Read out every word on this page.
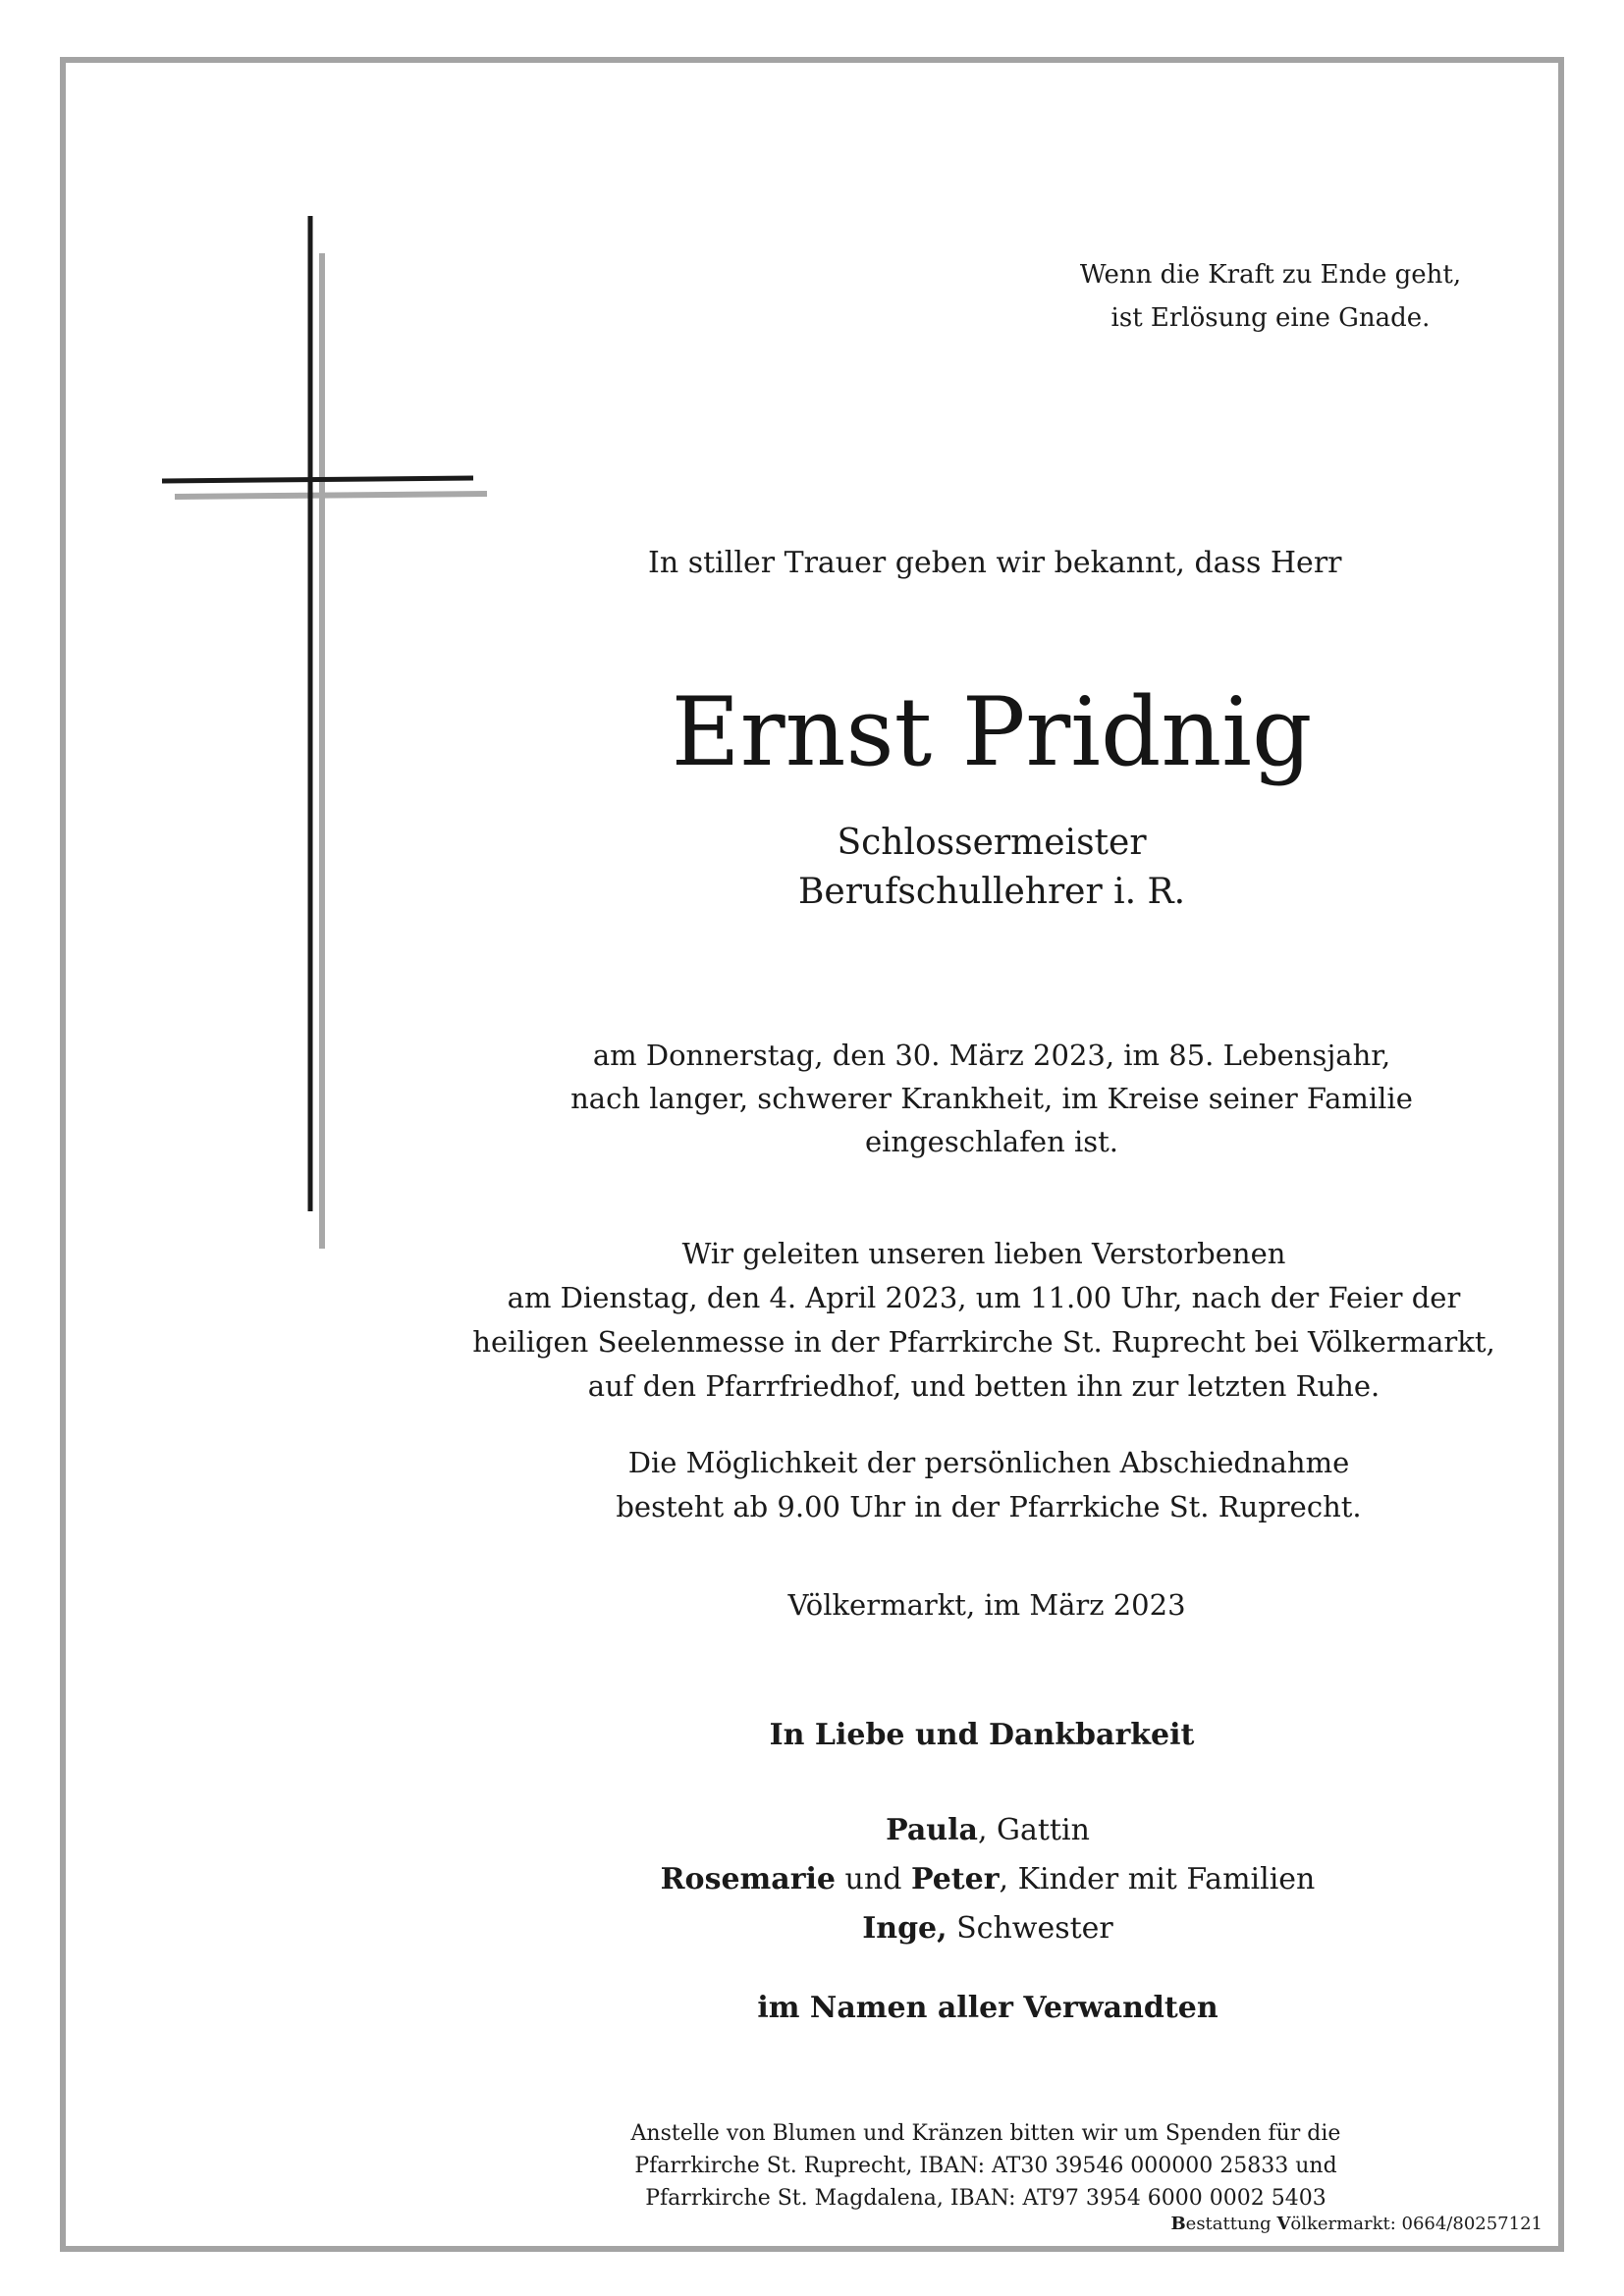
Wenn die Kraft zu Ende geht,
ist Erlösung eine Gnade.
In stiller Trauer geben wir bekannt, dass Herr
Ernst Pridnig
Schlossermeister
Berufschullehrer i. R.
am Donnerstag, den 30. März 2023, im 85. Lebensjahr,
nach langer, schwerer Krankheit, im Kreise seiner Familie
eingeschlafen ist.
Wir geleiten unseren lieben Verstorbenen
am Dienstag, den 4. April 2023, um 11.00 Uhr, nach der Feier der
heiligen Seelenmesse in der Pfarrkirche St. Ruprecht bei Völkermarkt,
auf den Pfarrfriedhof, und betten ihn zur letzten Ruhe.
Die Möglichkeit der persönlichen Abschiednahme
besteht ab 9.00 Uhr in der Pfarrkiche St. Ruprecht.
Völkermarkt, im März 2023
In Liebe und Dankbarkeit
Paula, Gattin
Rosemarie und Peter, Kinder mit Familien
Inge, Schwester
im Namen aller Verwandten
Anstelle von Blumen und Kränzen bitten wir um Spenden für die
Pfarrkirche St. Ruprecht, IBAN: AT30 39546 000000 25833 und
Pfarrkirche St. Magdalena, IBAN: AT97 3954 6000 0002 5403
Bestattung Völkermarkt: 0664/80257121
